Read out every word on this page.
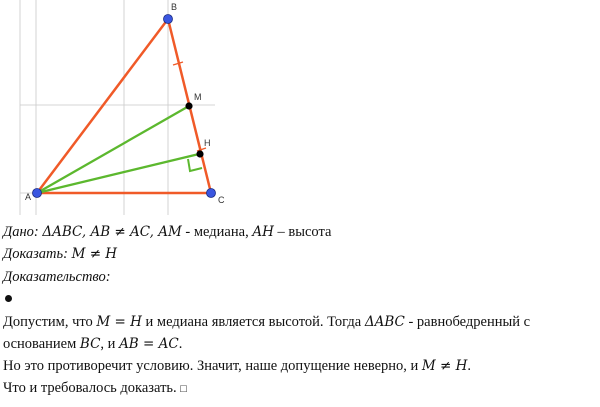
A
B
C
M
H
Дано: ΔABC, AB ≠ AC, AM - медиана, AH – высота
Доказать: M ≠ H
Доказательство:
Допустим, что M = H и медиана является высотой. Тогда ΔABC - равнобедренный с
основанием BC, и AB = AC.
Но это противоречит условию. Значит, наше допущение неверно, и M ≠ H.
Что и требовалось доказать. □
